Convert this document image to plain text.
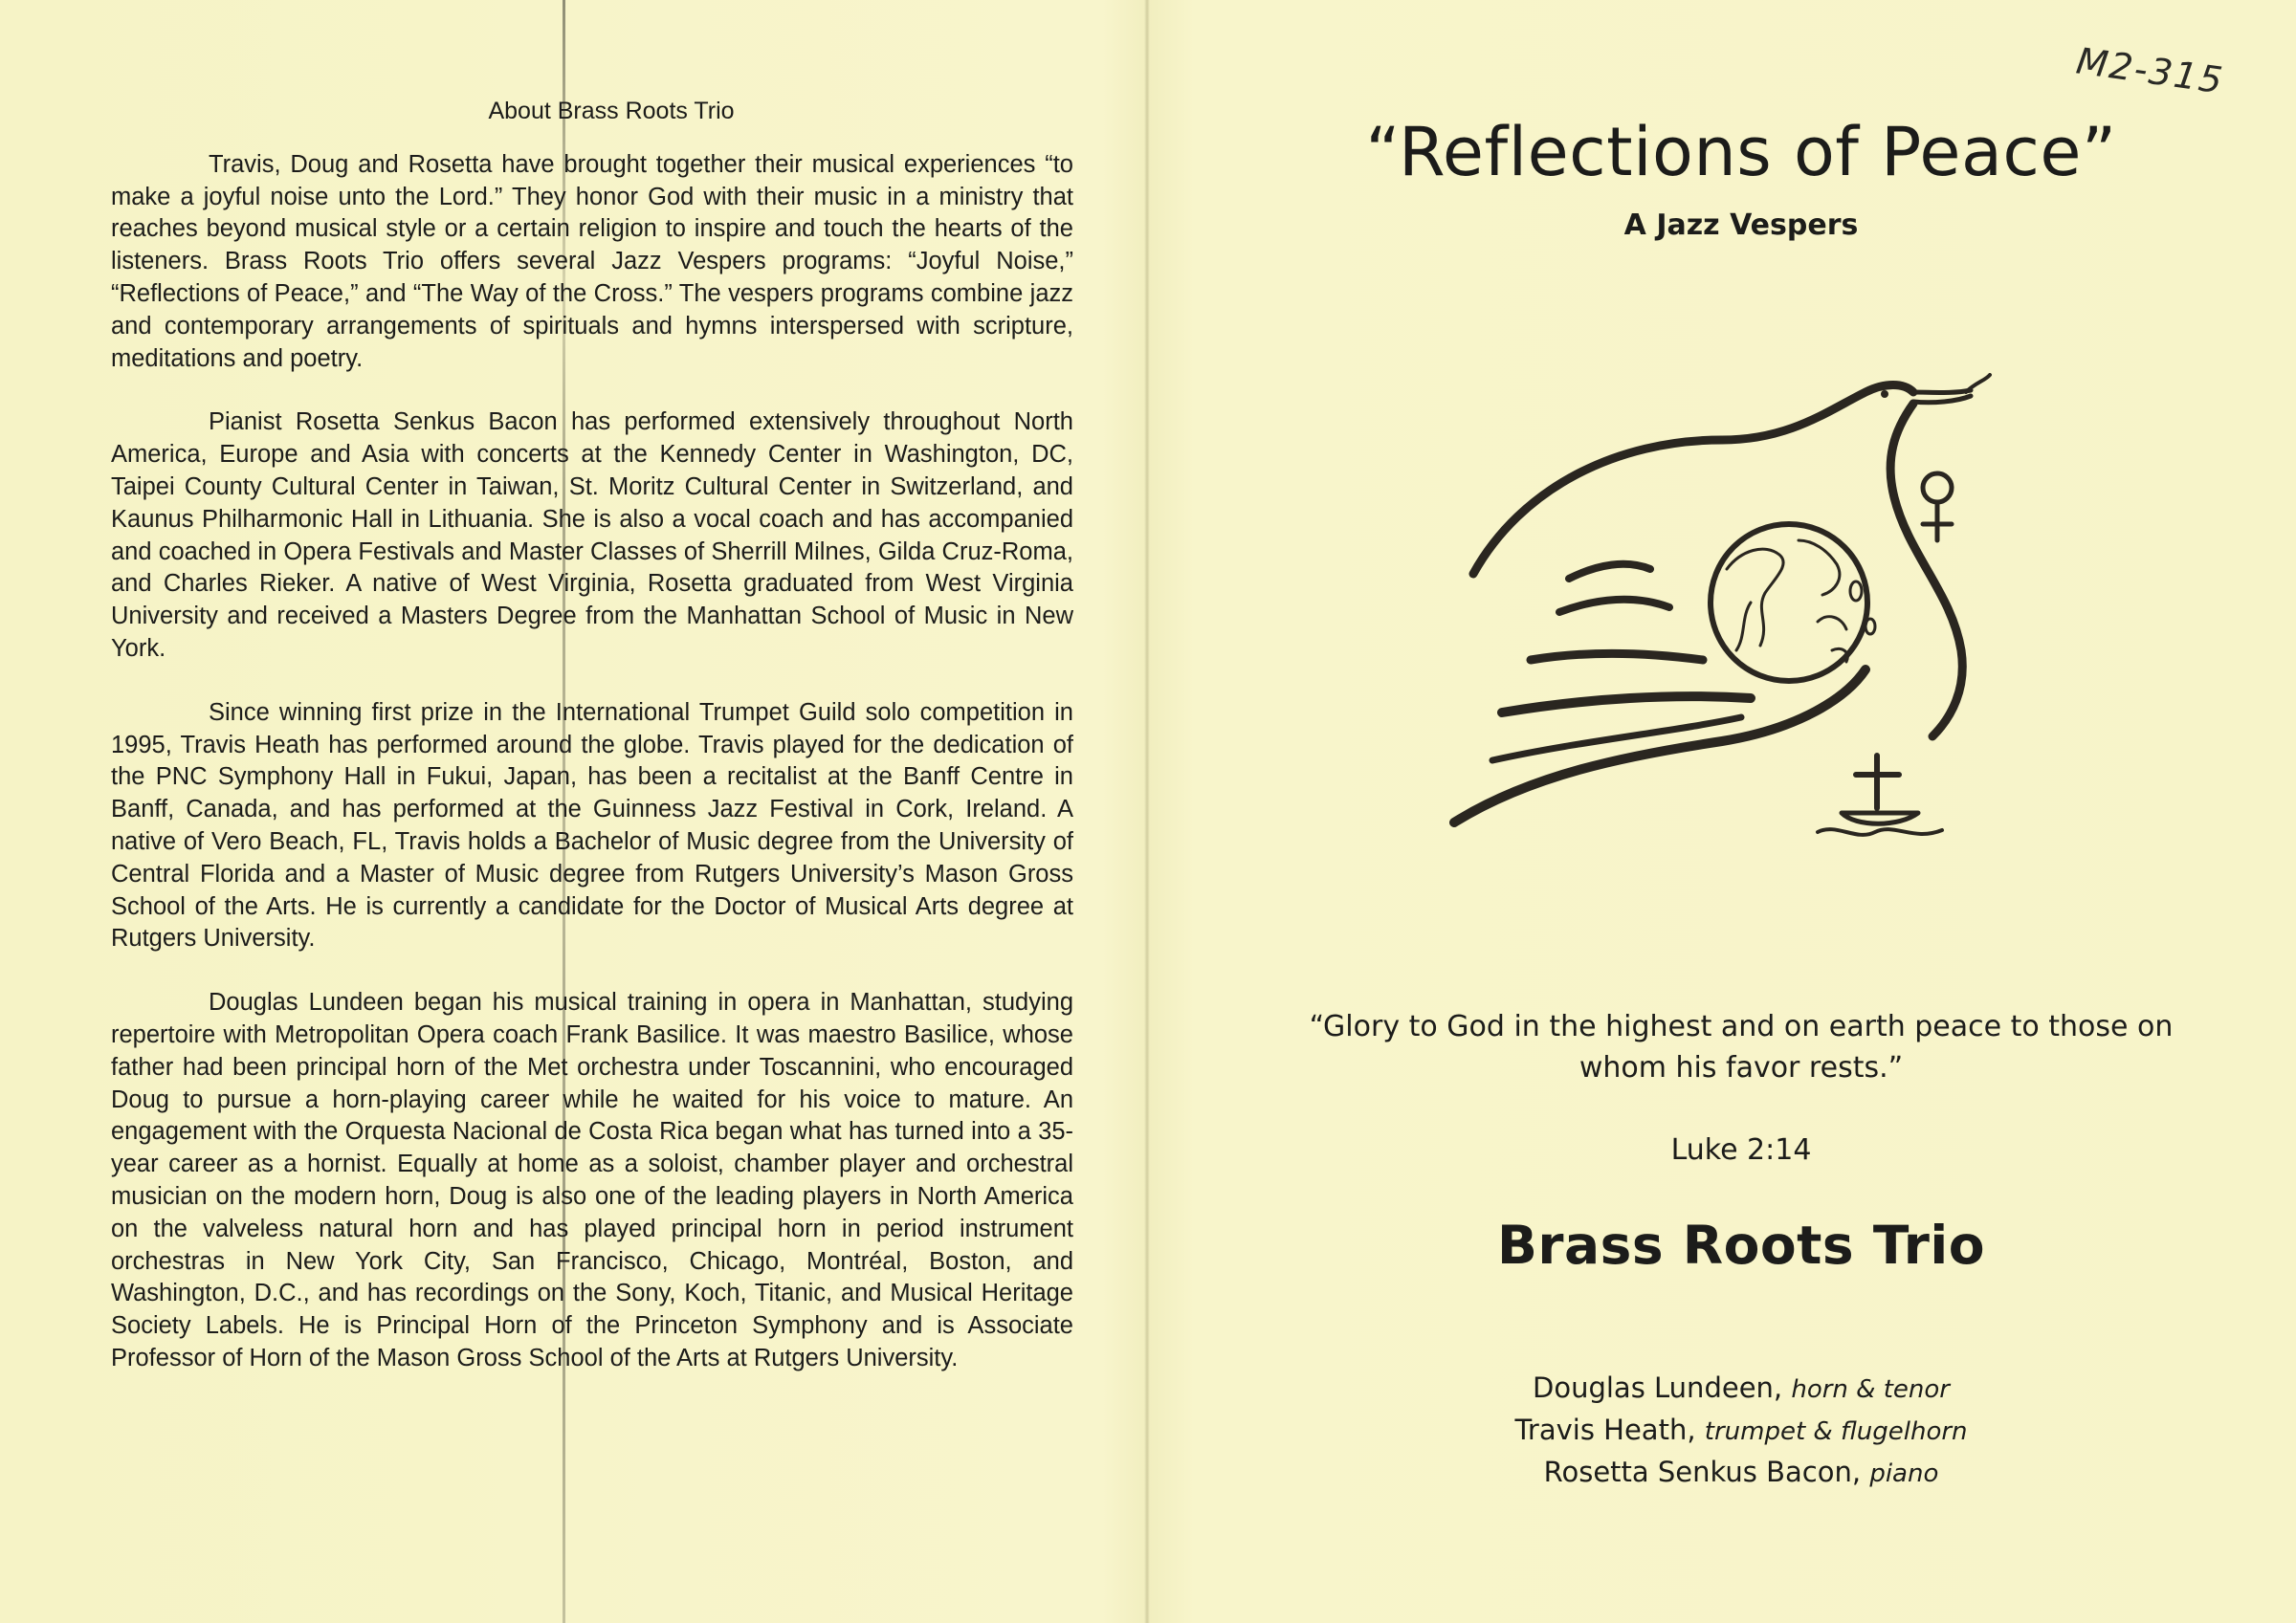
About Brass Roots Trio

Travis, Doug and Rosetta have brought together their musical experiences “to make a joyful noise unto the Lord.” They honor God with their music in a ministry that reaches beyond musical style or a certain religion to inspire and touch the hearts of the listeners. Brass Roots Trio offers several Jazz Vespers programs: “Joyful Noise,” “Reflections of Peace,” and “The Way of the Cross.” The vespers programs combine jazz and contemporary arrangements of spirituals and hymns interspersed with scripture, meditations and poetry.

Pianist Rosetta Senkus Bacon has performed extensively throughout North America, Europe and Asia with concerts at the Kennedy Center in Washington, DC, Taipei County Cultural Center in Taiwan, St. Moritz Cultural Center in Switzerland, and Kaunus Philharmonic Hall in Lithuania. She is also a vocal coach and has accompanied and coached in Opera Festivals and Master Classes of Sherrill Milnes, Gilda Cruz-Roma, and Charles Rieker. A native of West Virginia, Rosetta graduated from West Virginia University and received a Masters Degree from the Manhattan School of Music in New York.

Since winning first prize in the International Trumpet Guild solo competition in 1995, Travis Heath has performed around the globe. Travis played for the dedication of the PNC Symphony Hall in Fukui, Japan, has been a recitalist at the Banff Centre in Banff, Canada, and has performed at the Guinness Jazz Festival in Cork, Ireland. A native of Vero Beach, FL, Travis holds a Bachelor of Music degree from the University of Central Florida and a Master of Music degree from Rutgers University’s Mason Gross School of the Arts. He is currently a candidate for the Doctor of Musical Arts degree at Rutgers University.

Douglas Lundeen began his musical training in opera in Manhattan, studying repertoire with Metropolitan Opera coach Frank Basilice. It was maestro Basilice, whose father had been principal horn of the Met orchestra under Toscannini, who encouraged Doug to pursue a horn-playing career while he waited for his voice to mature. An engagement with the Orquesta Nacional de Costa Rica began what has turned into a 35-year career as a hornist. Equally at home as a soloist, chamber player and orchestral musician on the modern horn, Doug is also one of the leading players in North America on the valveless natural horn and has played principal horn in period instrument orchestras in New York City, San Francisco, Chicago, Montréal, Boston, and Washington, D.C., and has recordings on the Sony, Koch, Titanic, and Musical Heritage Society Labels. He is Principal Horn of the Princeton Symphony and is Associate Professor of Horn of the Mason Gross School of the Arts at Rutgers University.

M2-315
“Reflections of Peace”
A Jazz Vespers
“Glory to God in the highest and on earth peace to those on whom his favor rests.”
Luke 2:14
Brass Roots Trio
Douglas Lundeen, horn & tenor
Travis Heath, trumpet & flugelhorn
Rosetta Senkus Bacon, piano
